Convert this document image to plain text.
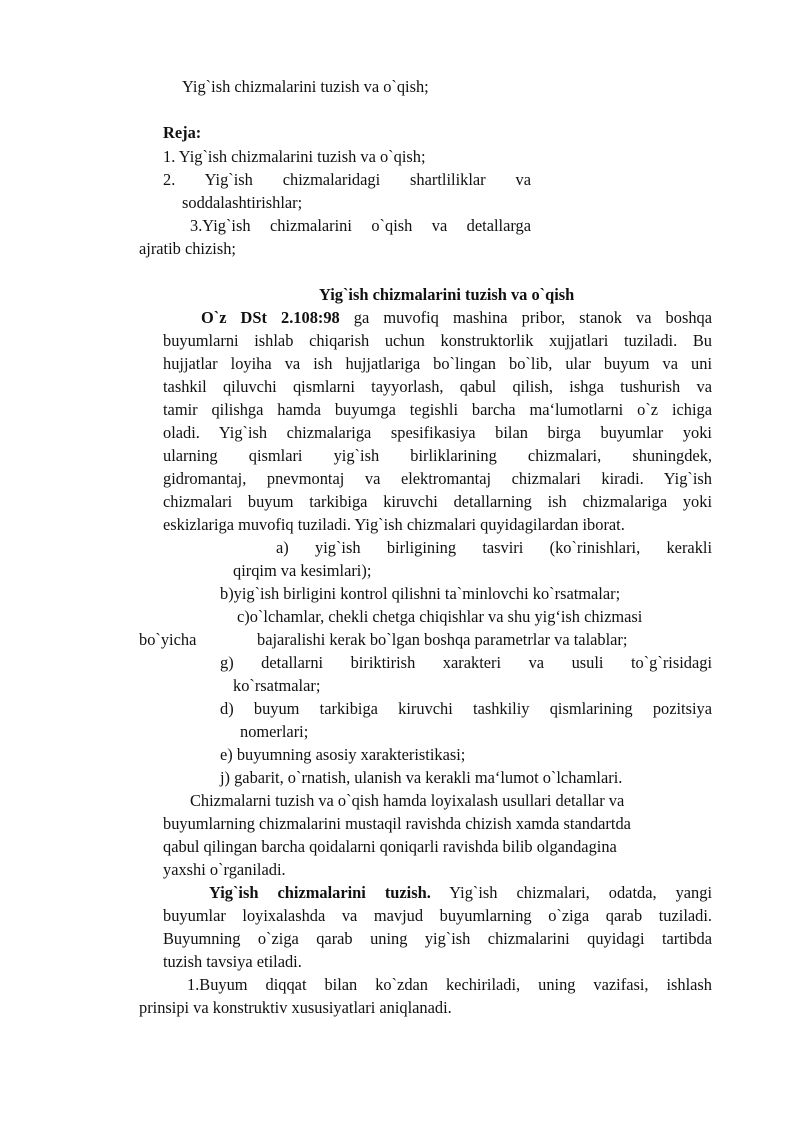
Yig`ish chizmalarini tuzish va o`qish;
Reja:
1. Yig`ish chizmalarini tuzish va o`qish;
2. Yig`ish chizmalaridagi shartliliklar va
soddalashtirishlar;
3.Yig`ish chizmalarini o`qish va detallarga
ajratib chizish;
Yig`ish chizmalarini tuzish va o`qish
O`z DSt 2.108:98 ga muvofiq mashina pribor, stanok va boshqa
buyumlarni ishlab chiqarish uchun konstruktorlik xujjatlari tuziladi. Bu
hujjatlar loyiha va ish hujjatlariga bo`lingan bo`lib, ular buyum va uni
tashkil qiluvchi qismlarni tayyorlash, qabul qilish, ishga tushurish va
tamir qilishga hamda buyumga tegishli barcha ma‘lumotlarni o`z ichiga
oladi. Yig`ish chizmalariga spesifikasiya bilan birga buyumlar yoki
ularning qismlari yig`ish birliklarining chizmalari, shuningdek,
gidromantaj, pnevmontaj va elektromantaj chizmalari kiradi. Yig`ish
chizmalari buyum tarkibiga kiruvchi detallarning ish chizmalariga yoki
eskizlariga muvofiq tuziladi. Yig`ish chizmalari quyidagilardan iborat.
a) yig`ish birligining tasviri (ko`rinishlari, kerakli
qirqim va kesimlari);
b)yig`ish birligini kontrol qilishni ta`minlovchi ko`rsatmalar;
c)o`lchamlar, chekli chetga chiqishlar va shu yig‘ish chizmasi
bo`yicha	bajaralishi kerak bo`lgan boshqa parametrlar va talablar;
g) detallarni biriktirish xarakteri va usuli to`g`risidagi
ko`rsatmalar;
d) buyum tarkibiga kiruvchi tashkiliy qismlarining pozitsiya
nomerlari;
e) buyumning asosiy xarakteristikasi;
j) gabarit, o`rnatish, ulanish va kerakli ma‘lumot o`lchamlari.
Chizmalarni tuzish va o`qish hamda loyixalash usullari detallar va
buyumlarning chizmalarini mustaqil ravishda chizish xamda standartda
qabul qilingan barcha qoidalarni qoniqarli ravishda bilib olgandagina
yaxshi o`rganiladi.
Yig`ish chizmalarini tuzish. Yig`ish chizmalari, odatda, yangi
buyumlar loyixalashda va mavjud buyumlarning o`ziga qarab tuziladi.
Buyumning o`ziga qarab uning yig`ish chizmalarini quyidagi tartibda
tuzish tavsiya etiladi.
1.Buyum diqqat bilan ko`zdan kechiriladi, uning vazifasi, ishlash
prinsipi va konstruktiv xususiyatlari aniqlanadi.
